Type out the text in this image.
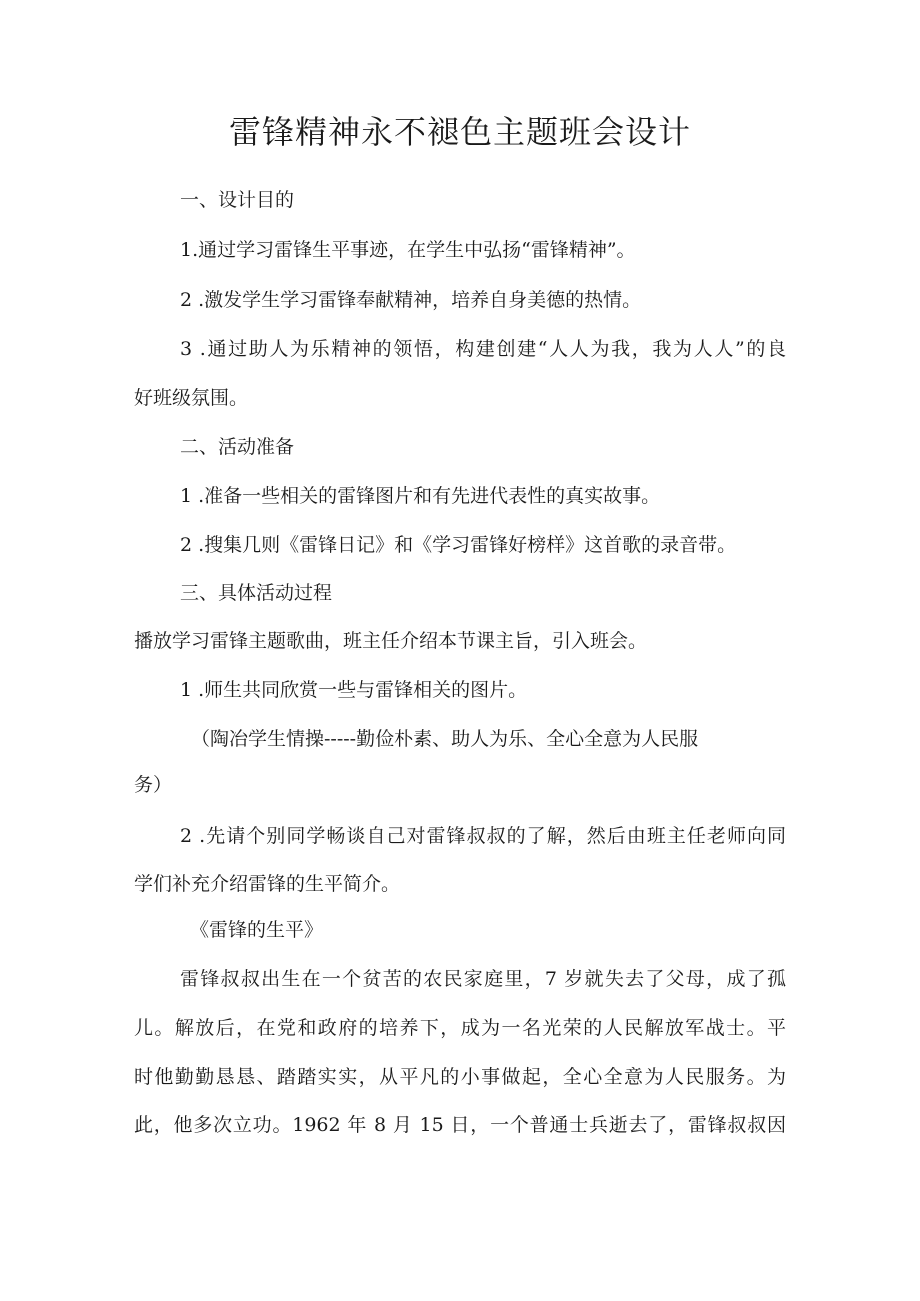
雷锋精神永不褪色主题班会设计
一、设计目的
1.通过学习雷锋生平事迹，在学生中弘扬“雷锋精神”。
2 .激发学生学习雷锋奉献精神，培养自身美德的热情。
3 .通过助人为乐精神的领悟，构建创建“人人为我，我为人人”的良
好班级氛围。
二、活动准备
1 .准备一些相关的雷锋图片和有先进代表性的真实故事。
2 .搜集几则《雷锋日记》和《学习雷锋好榜样》这首歌的录音带。
三、具体活动过程
播放学习雷锋主题歌曲，班主任介绍本节课主旨，引入班会。
1 .师生共同欣赏一些与雷锋相关的图片。
（陶冶学生情操-----勤俭朴素、助人为乐、全心全意为人民服
务）
2 .先请个别同学畅谈自己对雷锋叔叔的了解，然后由班主任老师向同
学们补充介绍雷锋的生平简介。
《雷锋的生平》
雷锋叔叔出生在一个贫苦的农民家庭里，7 岁就失去了父母，成了孤
儿。解放后，在党和政府的培养下，成为一名光荣的人民解放军战士。平
时他勤勤恳恳、踏踏实实，从平凡的小事做起，全心全意为人民服务。为
此，他多次立功。1962 年 8 月 15 日，一个普通士兵逝去了，雷锋叔叔因
